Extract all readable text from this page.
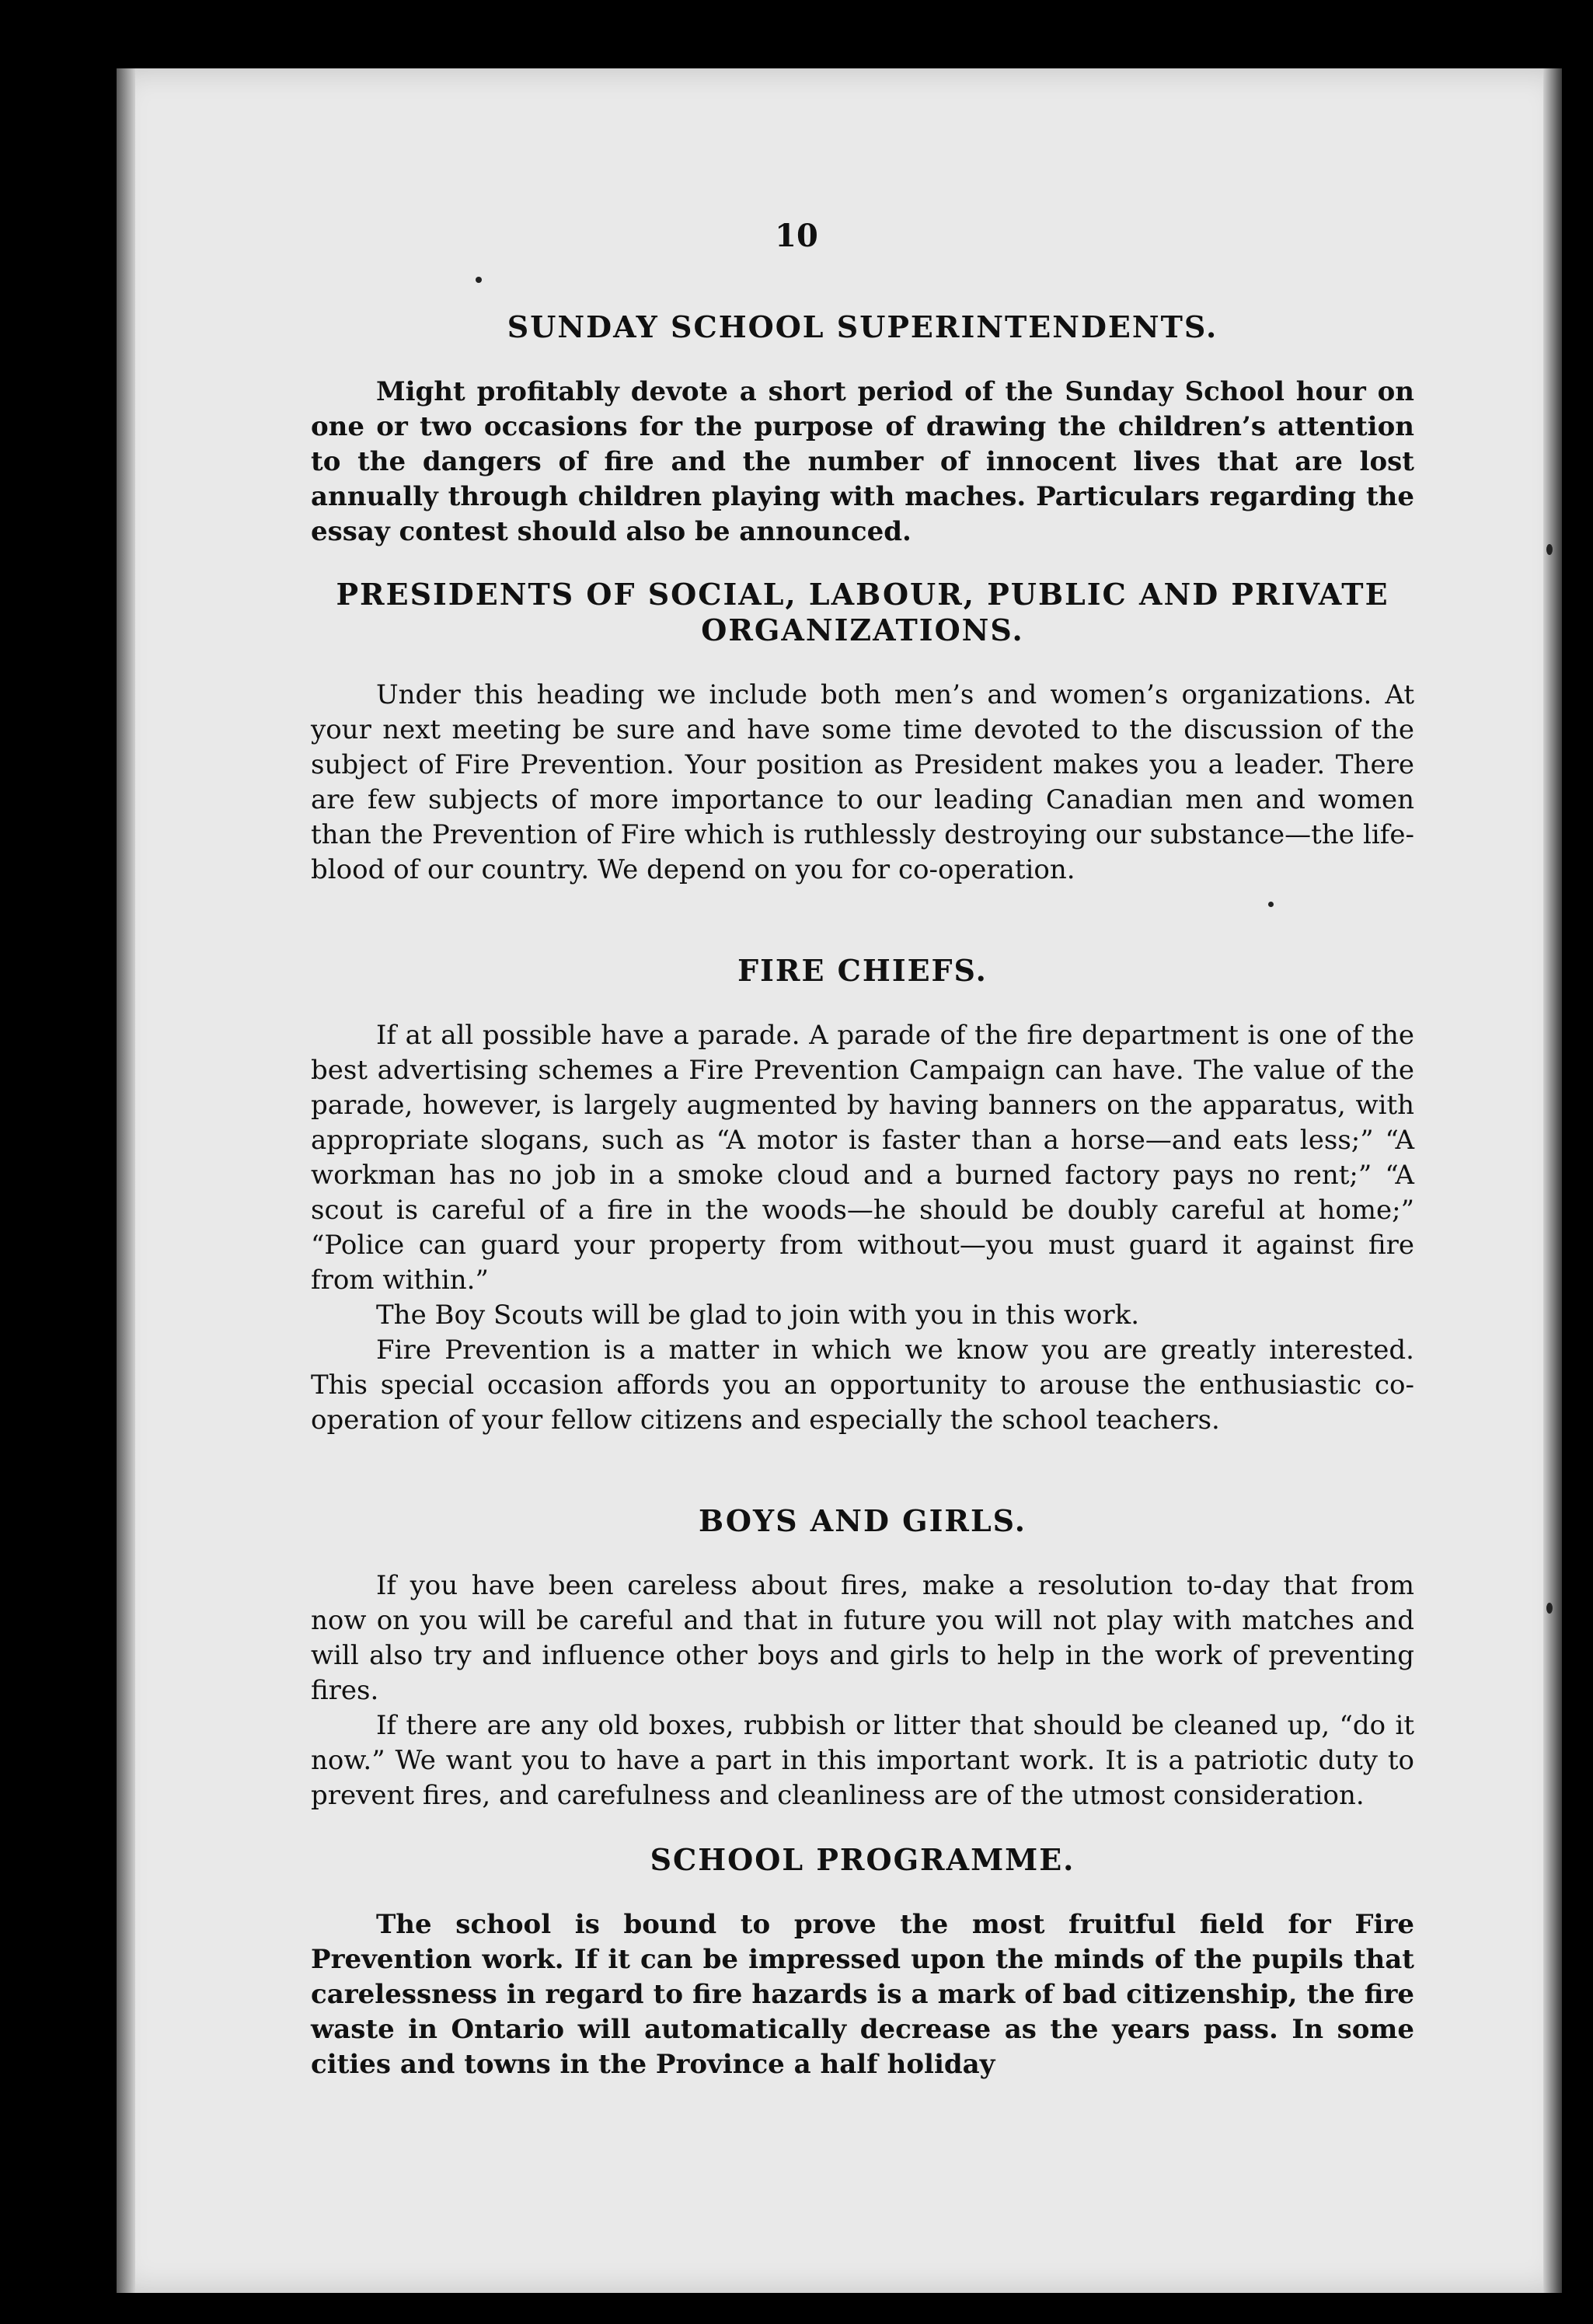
10
SUNDAY SCHOOL SUPERINTENDENTS.

Might profitably devote a short period of the Sunday School hour on one or two occasions for the purpose of drawing the children’s attention to the dangers of fire and the number of innocent lives that are lost annually through children playing with maches. Particulars regarding the essay contest should also be announced.

PRESIDENTS OF SOCIAL, LABOUR, PUBLIC AND PRIVATE ORGANIZATIONS.

Under this heading we include both men’s and women’s organizations. At your next meeting be sure and have some time devoted to the discussion of the subject of Fire Prevention. Your position as President makes you a leader. There are few subjects of more importance to our leading Canadian men and women than the Prevention of Fire which is ruthlessly destroying our substance—the life-blood of our country. We depend on you for co-operation.

FIRE CHIEFS.

If at all possible have a parade. A parade of the fire department is one of the best advertising schemes a Fire Prevention Campaign can have. The value of the parade, however, is largely augmented by having banners on the apparatus, with appropriate slogans, such as “A motor is faster than a horse—and eats less;” “A workman has no job in a smoke cloud and a burned factory pays no rent;” “A scout is careful of a fire in the woods—he should be doubly careful at home;” “Police can guard your property from without—you must guard it against fire from within.”

The Boy Scouts will be glad to join with you in this work.

Fire Prevention is a matter in which we know you are greatly interested. This special occasion affords you an opportunity to arouse the enthusiastic co-operation of your fellow citizens and especially the school teachers.

BOYS AND GIRLS.

If you have been careless about fires, make a resolution to-day that from now on you will be careful and that in future you will not play with matches and will also try and influence other boys and girls to help in the work of preventing fires.

If there are any old boxes, rubbish or litter that should be cleaned up, “do it now.” We want you to have a part in this important work. It is a patriotic duty to prevent fires, and carefulness and cleanliness are of the utmost consideration.

SCHOOL PROGRAMME.

The school is bound to prove the most fruitful field for Fire Prevention work. If it can be impressed upon the minds of the pupils that carelessness in regard to fire hazards is a mark of bad citizenship, the fire waste in Ontario will automatically decrease as the years pass. In some cities and towns in the Province a half holiday
